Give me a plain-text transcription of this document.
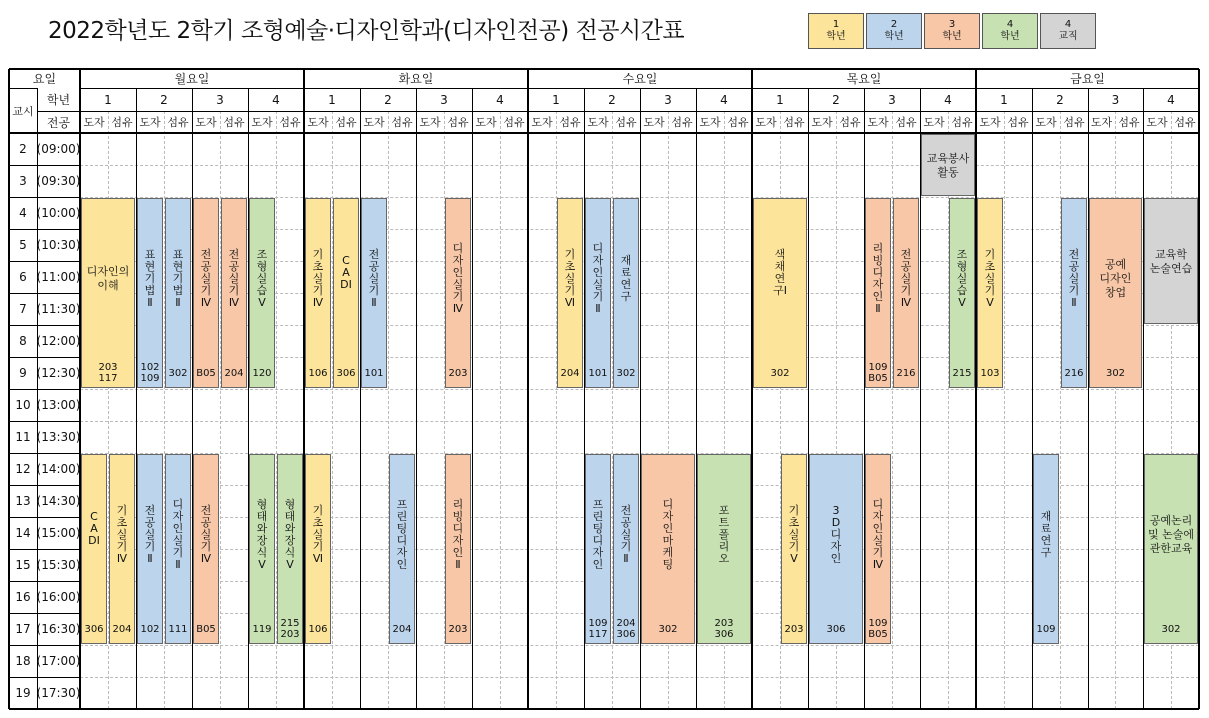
2022학년도 2학기 조형예술·디자인학과(디자인전공) 전공시간표	1
학년
2
학년
3
학년
4
학년
4
교직
디자인의
이해
203
117
표현기법Ⅱ
102
109
표현기법Ⅱ
302
전공실기Ⅳ
B05
전공실기Ⅳ
204
조형실습Ⅴ
120
CADⅠ
306
기초실기Ⅳ
204
전공실기Ⅱ
102
디자인실기Ⅱ
111
전공실기Ⅳ
B05
형태와장식Ⅴ
119
형태와장식Ⅴ
215
203
기초실기Ⅳ
106
CADⅠ
306
전공실기Ⅱ
101
디자인실기Ⅳ
203
기초실기Ⅵ
106
프린팅디자인
204
리빙디자인Ⅱ
203
기초실기Ⅵ
204
디자인실기Ⅱ
101
재료연구
302
프린팅디자인
109
117
전공실기Ⅱ
204
306
디자인마케팅
302
포트폴리오
203
306
색채연구Ⅰ
302
리빙디자인Ⅱ
109
B05
전공실기Ⅳ
216
교육봉사
활동
조형실습Ⅴ
215
기초실기Ⅴ
203
3D디자인
306
디자인실기Ⅳ
109
B05
기초실기Ⅴ
103
전공실기Ⅱ
216
공예
디자인
창업
302
교육학
논술연습
재료연구
109
공예논리
및 논술에
관한교육
302
요일
학년
전공
교시
월요일
1
도자 섬유
2
도자 섬유
3
도자 섬유
4
도자 섬유
화요일
1
도자 섬유
2
도자 섬유
3
도자 섬유
4
도자 섬유
수요일
1
도자 섬유
2
도자 섬유
3
도자 섬유
4
도자 섬유
목요일
1
도자 섬유
2
도자 섬유
3
도자 섬유
4
도자 섬유
금요일
1
도자 섬유
2
도자 섬유
3
도자 섬유
4
도자 섬유
2 (09:00)
3 (09:30)
4 (10:00)
5 (10:30)
6 (11:00)
7 (11:30)
8 (12:00)
9 (12:30)
10 (13:00)
11 (13:30)
12 (14:00)
13 (14:30)
14 (15:00)
15 (15:30)
16 (16:00)
17 (16:30)
18 (17:00)
19 (17:30)
